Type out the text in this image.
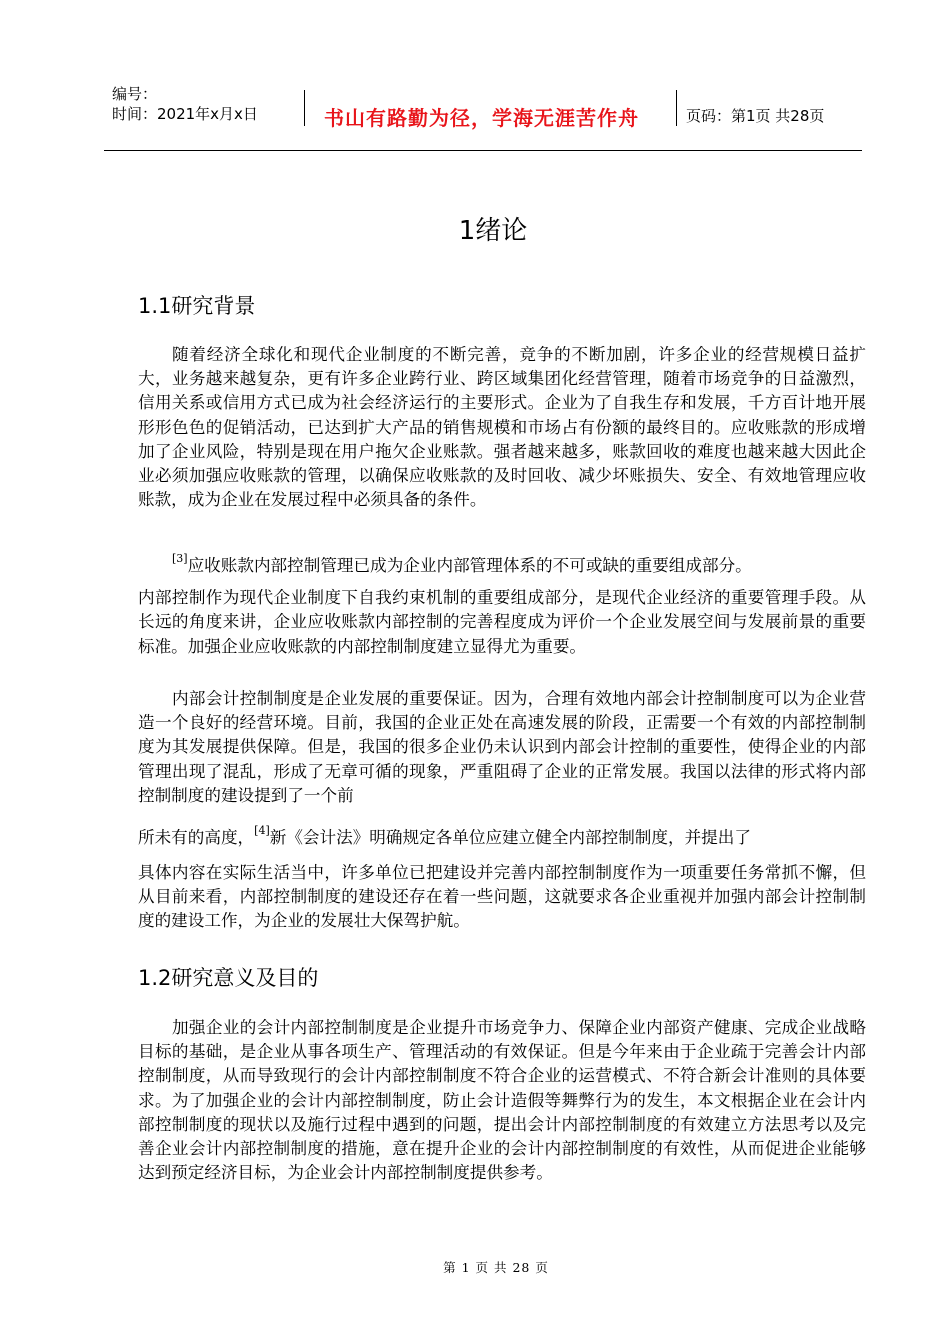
编号：
时间：2021年x月x日	书山有路勤为径，学海无涯苦作舟	页码：第1页 共28页
1绪论
1.1研究背景
随着经济全球化和现代企业制度的不断完善，竞争的不断加剧，许多企业的经营规模日益扩大，业务越来越复杂，更有许多企业跨行业、跨区域集团化经营管理，随着市场竞争的日益激烈，信用关系或信用方式已成为社会经济运行的主要形式。企业为了自我生存和发展，千方百计地开展形形色色的促销活动，已达到扩大产品的销售规模和市场占有份额的最终目的。应收账款的形成增加了企业风险，特别是现在用户拖欠企业账款。强者越来越多，账款回收的难度也越来越大因此企业必须加强应收账款的管理，以确保应收账款的及时回收、减少坏账损失、安全、有效地管理应收账款，成为企业在发展过程中必须具备的条件。
[3]应收账款内部控制管理已成为企业内部管理体系的不可或缺的重要组成部分。
内部控制作为现代企业制度下自我约束机制的重要组成部分，是现代企业经济的重要管理手段。从长远的角度来讲，企业应收账款内部控制的完善程度成为评价一个企业发展空间与发展前景的重要标准。加强企业应收账款的内部控制制度建立显得尤为重要。
内部会计控制制度是企业发展的重要保证。因为，合理有效地内部会计控制制度可以为企业营造一个良好的经营环境。目前，我国的企业正处在高速发展的阶段，正需要一个有效的内部控制制度为其发展提供保障。但是，我国的很多企业仍未认识到内部会计控制的重要性，使得企业的内部管理出现了混乱，形成了无章可循的现象，严重阻碍了企业的正常发展。我国以法律的形式将内部控制制度的建设提到了一个前
所未有的高度，[4]新《会计法》明确规定各单位应建立健全内部控制制度，并提出了
具体内容在实际生活当中，许多单位已把建设并完善内部控制制度作为一项重要任务常抓不懈，但从目前来看，内部控制制度的建设还存在着一些问题，这就要求各企业重视并加强内部会计控制制度的建设工作，为企业的发展壮大保驾护航。
1.2研究意义及目的
加强企业的会计内部控制制度是企业提升市场竞争力、保障企业内部资产健康、完成企业战略目标的基础，是企业从事各项生产、管理活动的有效保证。但是今年来由于企业疏于完善会计内部控制制度，从而导致现行的会计内部控制制度不符合企业的运营模式、不符合新会计准则的具体要求。为了加强企业的会计内部控制制度，防止会计造假等舞弊行为的发生，本文根据企业在会计内部控制制度的现状以及施行过程中遇到的问题，提出会计内部控制制度的有效建立方法思考以及完善企业会计内部控制制度的措施，意在提升企业的会计内部控制制度的有效性，从而促进企业能够达到预定经济目标，为企业会计内部控制制度提供参考。
第 1 页 共 28 页
